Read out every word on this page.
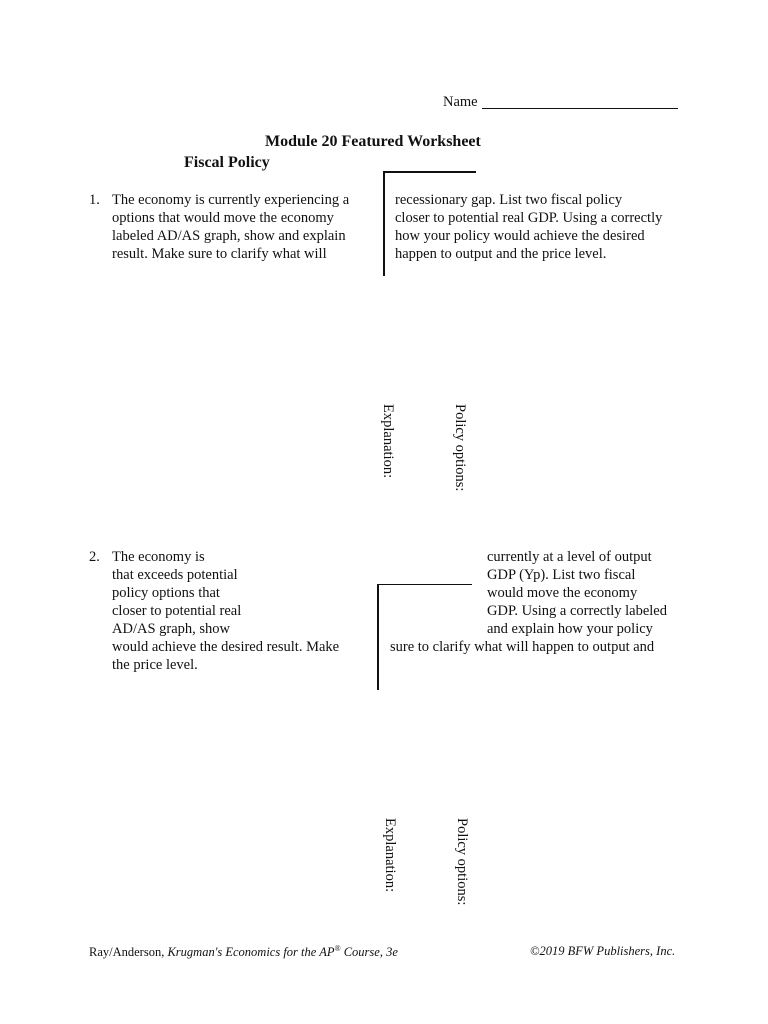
Name
Module 20 Featured Worksheet
Fiscal Policy
1. The economy is currently experiencing a
options that would move the economy
labeled AD/AS graph, show and explain
result. Make sure to clarify what will
recessionary gap. List two fiscal policy
closer to potential real GDP. Using a correctly
how your policy would achieve the desired
happen to output and the price level.
Explanation:	Policy options:
2. The economy is
that exceeds potential
policy options that
closer to potential real
AD/AS graph, show
would achieve the desired result. Make
the price level.
currently at a level of output
GDP (Yp). List two fiscal
would move the economy
GDP. Using a correctly labeled
and explain how your policy
sure to clarify what will happen to output and
Explanation:	Policy options:
Ray/Anderson, Krugman's Economics for the AP® Course, 3e	©2019 BFW Publishers, Inc.
